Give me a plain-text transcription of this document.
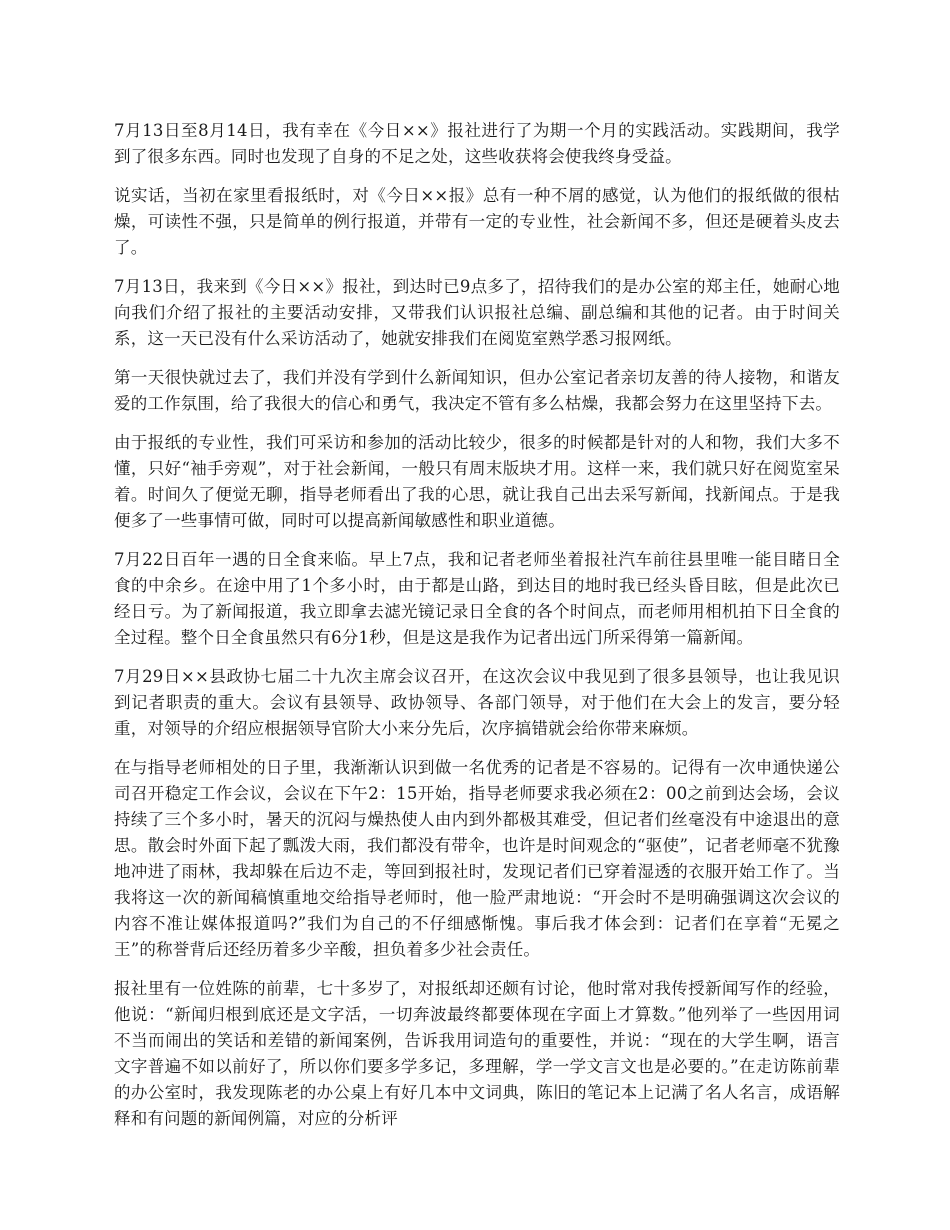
7月13日至8月14日，我有幸在《今日××》报社进行了为期一个月的实践活动。实践期间，我学到了很多东西。同时也发现了自身的不足之处，这些收获将会使我终身受益。

说实话，当初在家里看报纸时，对《今日××报》总有一种不屑的感觉，认为他们的报纸做的很枯燥，可读性不强，只是简单的例行报道，并带有一定的专业性，社会新闻不多，但还是硬着头皮去了。

7月13日，我来到《今日××》报社，到达时已9点多了，招待我们的是办公室的郑主任，她耐心地向我们介绍了报社的主要活动安排，又带我们认识报社总编、副总编和其他的记者。由于时间关系，这一天已没有什么采访活动了，她就安排我们在阅览室熟学悉习报网纸。

第一天很快就过去了，我们并没有学到什么新闻知识，但办公室记者亲切友善的待人接物，和谐友爱的工作氛围，给了我很大的信心和勇气，我决定不管有多么枯燥，我都会努力在这里坚持下去。

由于报纸的专业性，我们可采访和参加的活动比较少，很多的时候都是针对的人和物，我们大多不懂，只好“袖手旁观”，对于社会新闻，一般只有周末版块才用。这样一来，我们就只好在阅览室呆着。时间久了便觉无聊，指导老师看出了我的心思，就让我自己出去采写新闻，找新闻点。于是我便多了一些事情可做，同时可以提高新闻敏感性和职业道德。

7月22日百年一遇的日全食来临。早上7点，我和记者老师坐着报社汽车前往县里唯一能目睹日全食的中余乡。在途中用了1个多小时，由于都是山路，到达目的地时我已经头昏目眩，但是此次已经日亏。为了新闻报道，我立即拿去滤光镜记录日全食的各个时间点，而老师用相机拍下日全食的全过程。整个日全食虽然只有6分1秒，但是这是我作为记者出远门所采得第一篇新闻。

7月29日××县政协七届二十九次主席会议召开，在这次会议中我见到了很多县领导，也让我见识到记者职责的重大。会议有县领导、政协领导、各部门领导，对于他们在大会上的发言，要分轻重，对领导的介绍应根据领导官阶大小来分先后，次序搞错就会给你带来麻烦。

在与指导老师相处的日子里，我渐渐认识到做一名优秀的记者是不容易的。记得有一次申通快递公司召开稳定工作会议，会议在下午2：15开始，指导老师要求我必须在2：00之前到达会场，会议持续了三个多小时，暑天的沉闷与燥热使人由内到外都极其难受，但记者们丝毫没有中途退出的意思。散会时外面下起了瓢泼大雨，我们都没有带伞，也许是时间观念的“驱使”，记者老师毫不犹豫地冲进了雨林，我却躲在后边不走，等回到报社时，发现记者们已穿着湿透的衣服开始工作了。当我将这一次的新闻稿慎重地交给指导老师时，他一脸严肃地说：“开会时不是明确强调这次会议的内容不准让媒体报道吗?”我们为自己的不仔细感惭愧。事后我才体会到：记者们在享着“无冕之王”的称誉背后还经历着多少辛酸，担负着多少社会责任。

报社里有一位姓陈的前辈，七十多岁了，对报纸却还颇有讨论，他时常对我传授新闻写作的经验，他说：“新闻归根到底还是文字活，一切奔波最终都要体现在字面上才算数。”他列举了一些因用词不当而闹出的笑话和差错的新闻案例，告诉我用词造句的重要性，并说：“现在的大学生啊，语言文字普遍不如以前好了，所以你们要多学多记，多理解，学一学文言文也是必要的。”在走访陈前辈的办公室时，我发现陈老的办公桌上有好几本中文词典，陈旧的笔记本上记满了名人名言，成语解释和有问题的新闻例篇，对应的分析评
